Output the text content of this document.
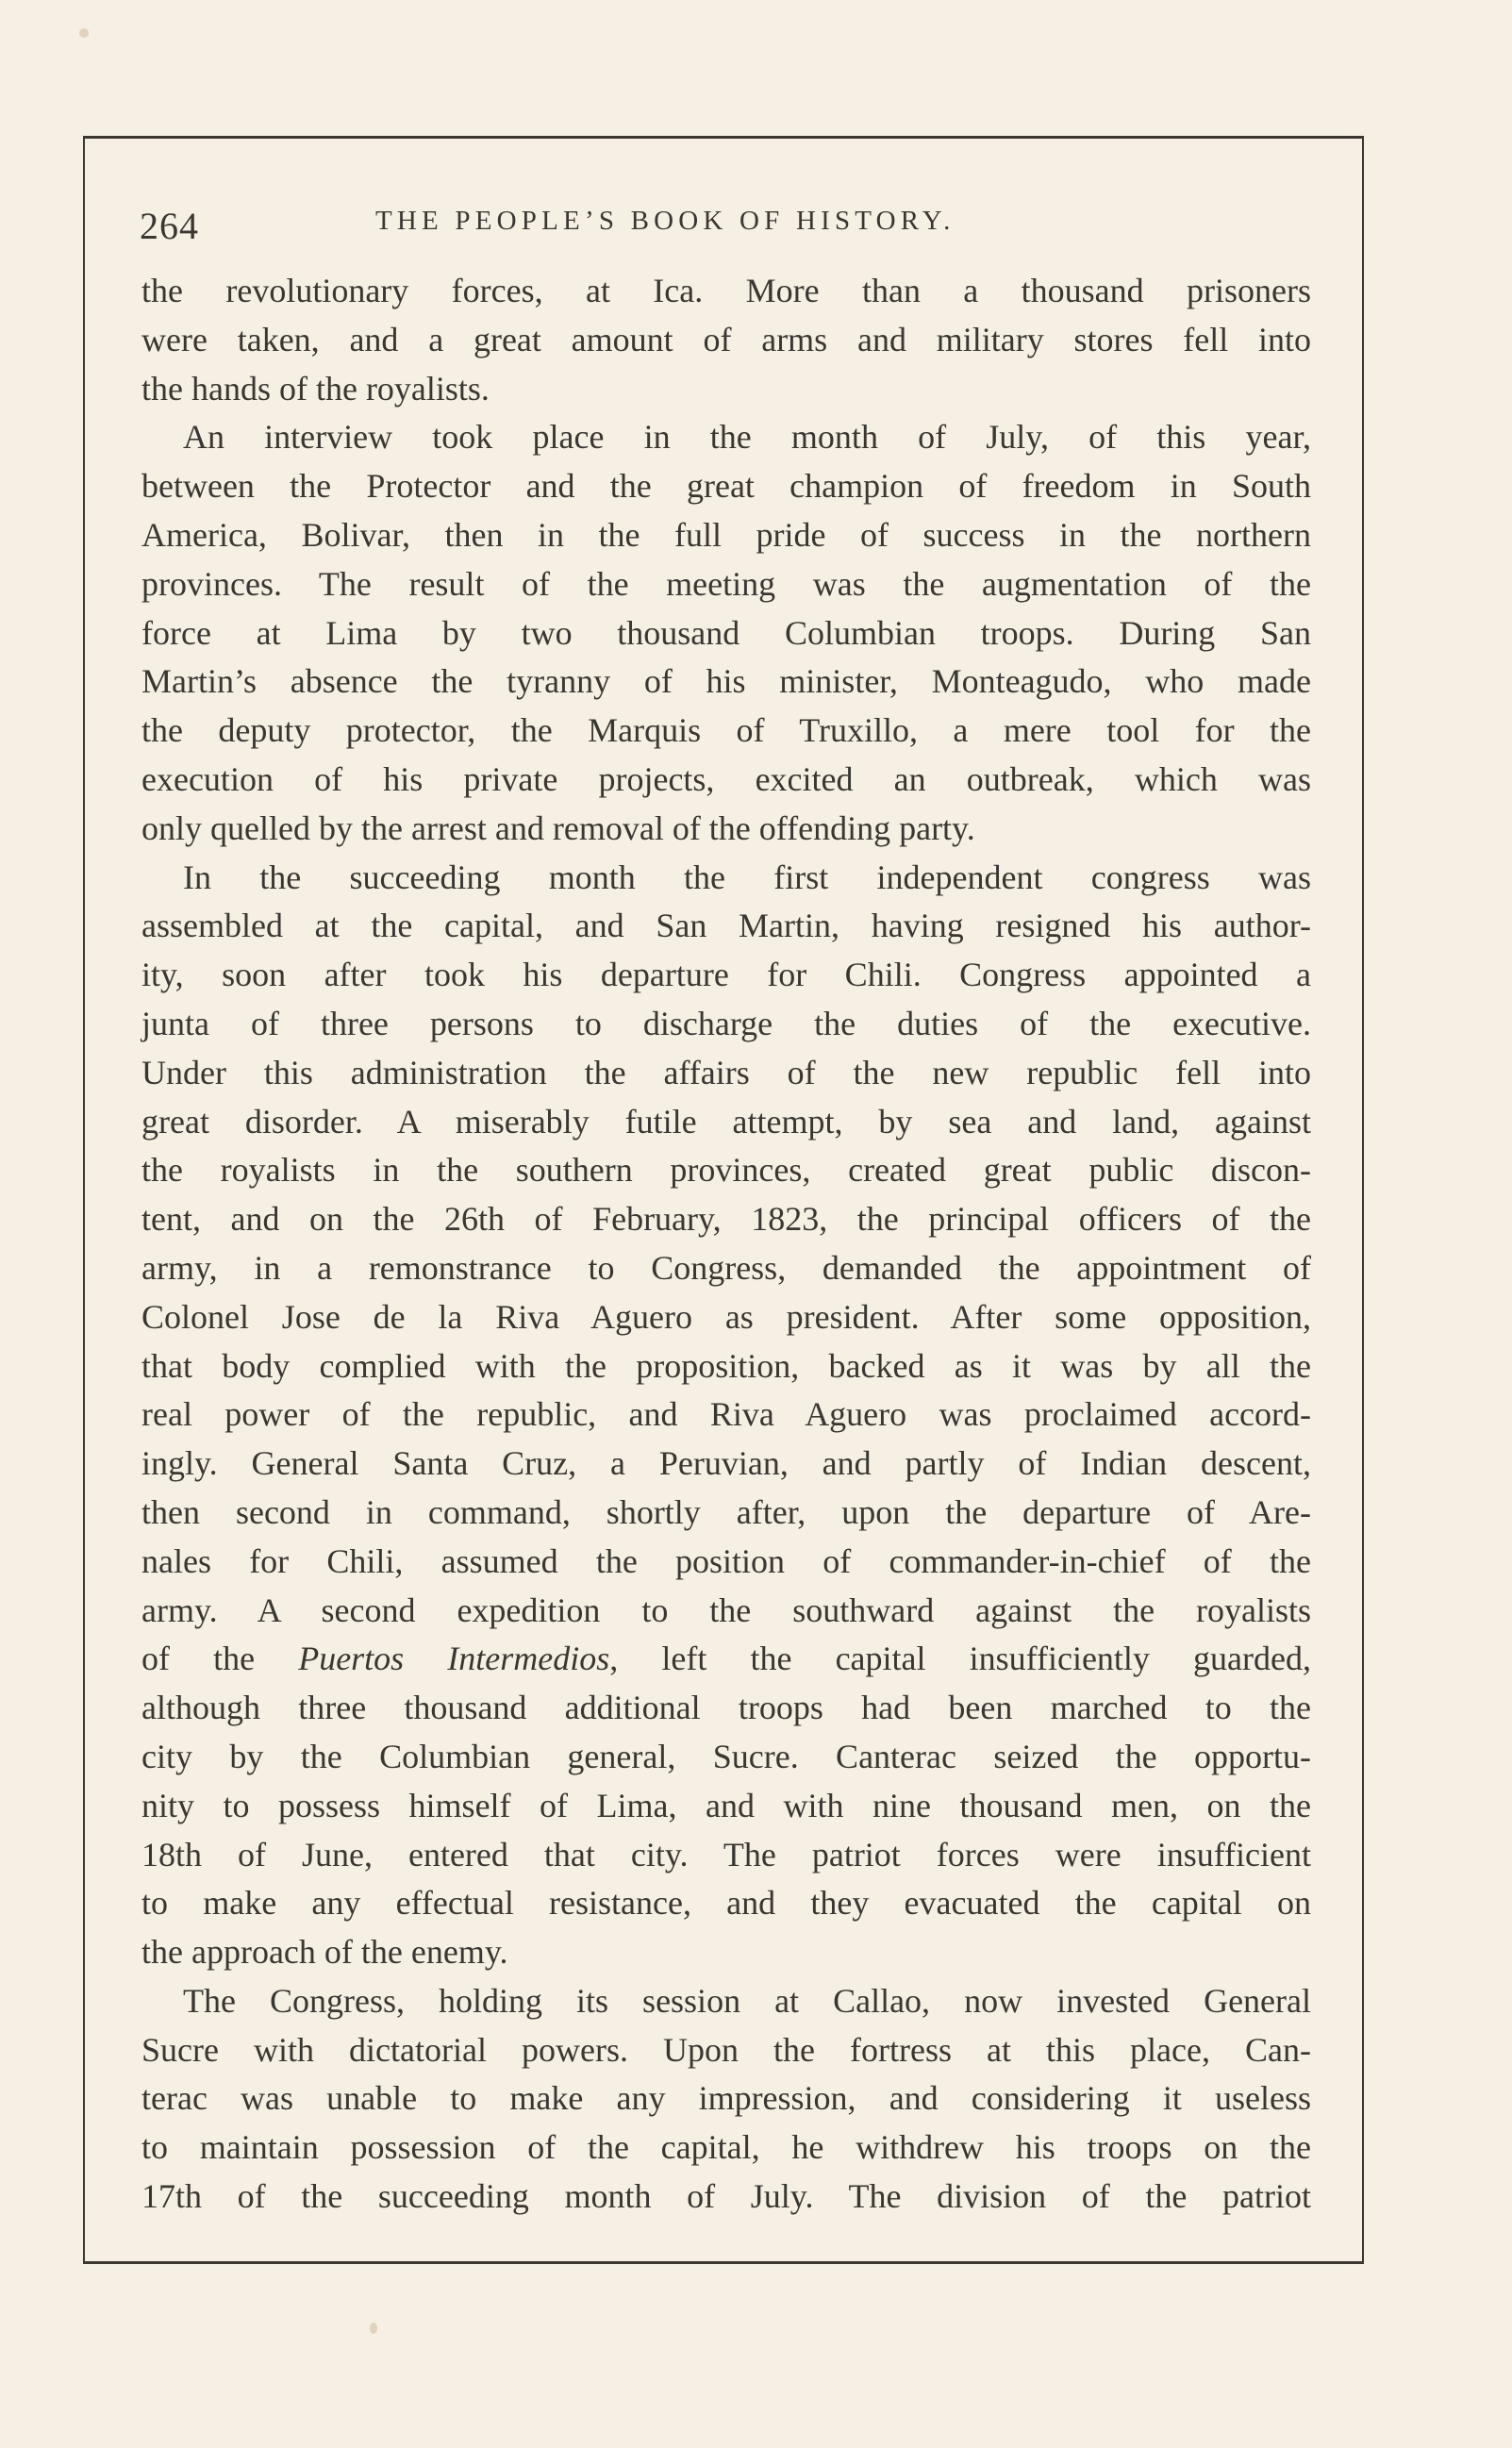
264	THE PEOPLE’S BOOK OF HISTORY.
the revolutionary forces, at Ica. More than a thousand prisoners
were taken, and a great amount of arms and military stores fell into
the hands of the royalists.
An interview took place in the month of July, of this year,
between the Protector and the great champion of freedom in South
America, Bolivar, then in the full pride of success in the northern
provinces. The result of the meeting was the augmentation of the
force at Lima by two thousand Columbian troops. During San
Martin’s absence the tyranny of his minister, Monteagudo, who made
the deputy protector, the Marquis of Truxillo, a mere tool for the
execution of his private projects, excited an outbreak, which was
only quelled by the arrest and removal of the offending party.
In the succeeding month the first independent congress was
assembled at the capital, and San Martin, having resigned his author-
ity, soon after took his departure for Chili. Congress appointed a
junta of three persons to discharge the duties of the executive.
Under this administration the affairs of the new republic fell into
great disorder. A miserably futile attempt, by sea and land, against
the royalists in the southern provinces, created great public discon-
tent, and on the 26th of February, 1823, the principal officers of the
army, in a remonstrance to Congress, demanded the appointment of
Colonel Jose de la Riva Aguero as president. After some opposition,
that body complied with the proposition, backed as it was by all the
real power of the republic, and Riva Aguero was proclaimed accord-
ingly. General Santa Cruz, a Peruvian, and partly of Indian descent,
then second in command, shortly after, upon the departure of Are-
nales for Chili, assumed the position of commander-in-chief of the
army. A second expedition to the southward against the royalists
of the Puertos Intermedios, left the capital insufficiently guarded,
although three thousand additional troops had been marched to the
city by the Columbian general, Sucre. Canterac seized the opportu-
nity to possess himself of Lima, and with nine thousand men, on the
18th of June, entered that city. The patriot forces were insufficient
to make any effectual resistance, and they evacuated the capital on
the approach of the enemy.
The Congress, holding its session at Callao, now invested General
Sucre with dictatorial powers. Upon the fortress at this place, Can-
terac was unable to make any impression, and considering it useless
to maintain possession of the capital, he withdrew his troops on the
17th of the succeeding month of July. The division of the patriot
